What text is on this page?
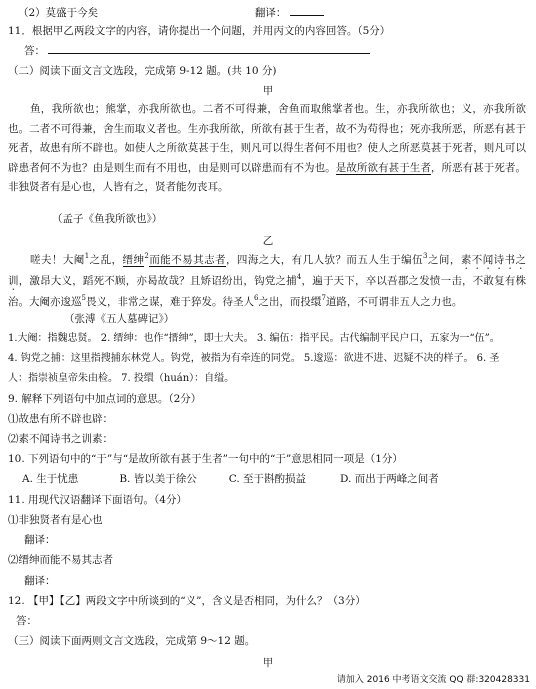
（2）莫盛于今矣	翻译：
11．根据甲乙两段文字的内容，请你提出一个问题，并用丙文的内容回答。（5分）
答：
（二）阅读下面文言文选段，完成第 9-12 题。(共 10 分)
甲
鱼，我所欲也；熊掌，亦我所欲也。二者不可得兼，舍鱼而取熊掌者也。生，亦我所欲也；义，亦我所欲也。二者不可得兼，舍生而取义者也。生亦我所欲，所欲有甚于生者，故不为苟得也；死亦我所恶，所恶有甚于死者，故患有所不辟也。如使人之所欲莫甚于生，则凡可以得生者何不用也？使人之所恶莫甚于死者，则凡可以辟患者何不为也？由是则生而有不用也，由是则可以辟患而有不为也。是故所欲有甚于生者，所恶有甚于死者。非独贤者有是心也，人皆有之，贤者能勿丧耳。
（孟子《鱼我所欲也》）
乙
嗟夫！大阉$^1$之乱，缙绅$^2$而能不易其志者，四海之大，有几人欤？而五人生于编伍$^3$之间，素不闻诗书之训，激昂大义，蹈死不顾，亦曷故哉？且矫诏纷出，钩党之捕$^4$，遍于天下，卒以吾郡之发愤一击，不敢复有株治。大阉亦逡巡$^5$畏义，非常之谋，难于猝发。待圣人$^6$之出，而投缳$^7$道路，不可谓非五人之力也。
（张溥《五人墓碑记》）
1.大阉：指魏忠贤。 2. 缙绅：也作“搢绅”，即士大夫。 3. 编伍：指平民。古代编制平民户口，五家为一“伍”。
4. 钩党之捕：这里指搜捕东林党人。钩党，被指为有牵连的同党。 5.逡巡：欲进不进、迟疑不决的样子。 6. 圣
人：指崇祯皇帝朱由检。 7. 投缳（huán）：自缢。
9. 解释下列语句中加点词的意思。（2分）
⑴故患有所不辟也辟：
⑵素不闻诗书之训素：
10. 下列语句中的“于”与“是故所欲有甚于生者”一句中的“于”意思相同一项是（1分）
A. 生于忧患	B. 皆以美于徐公	C. 至于斟酌损益	D. 而出于两峰之间者
11. 用现代汉语翻译下面语句。（4分）
⑴非独贤者有是心也
翻译：
⑵缙绅而能不易其志者
翻译：
12. 【甲】【乙】两段文字中所谈到的“义”，含义是否相同，为什么？（3分）
答：
（三）阅读下面两则文言文选段，完成第 9～12 题。
甲
请加入 2016 中考语文交流 QQ 群:320428331
